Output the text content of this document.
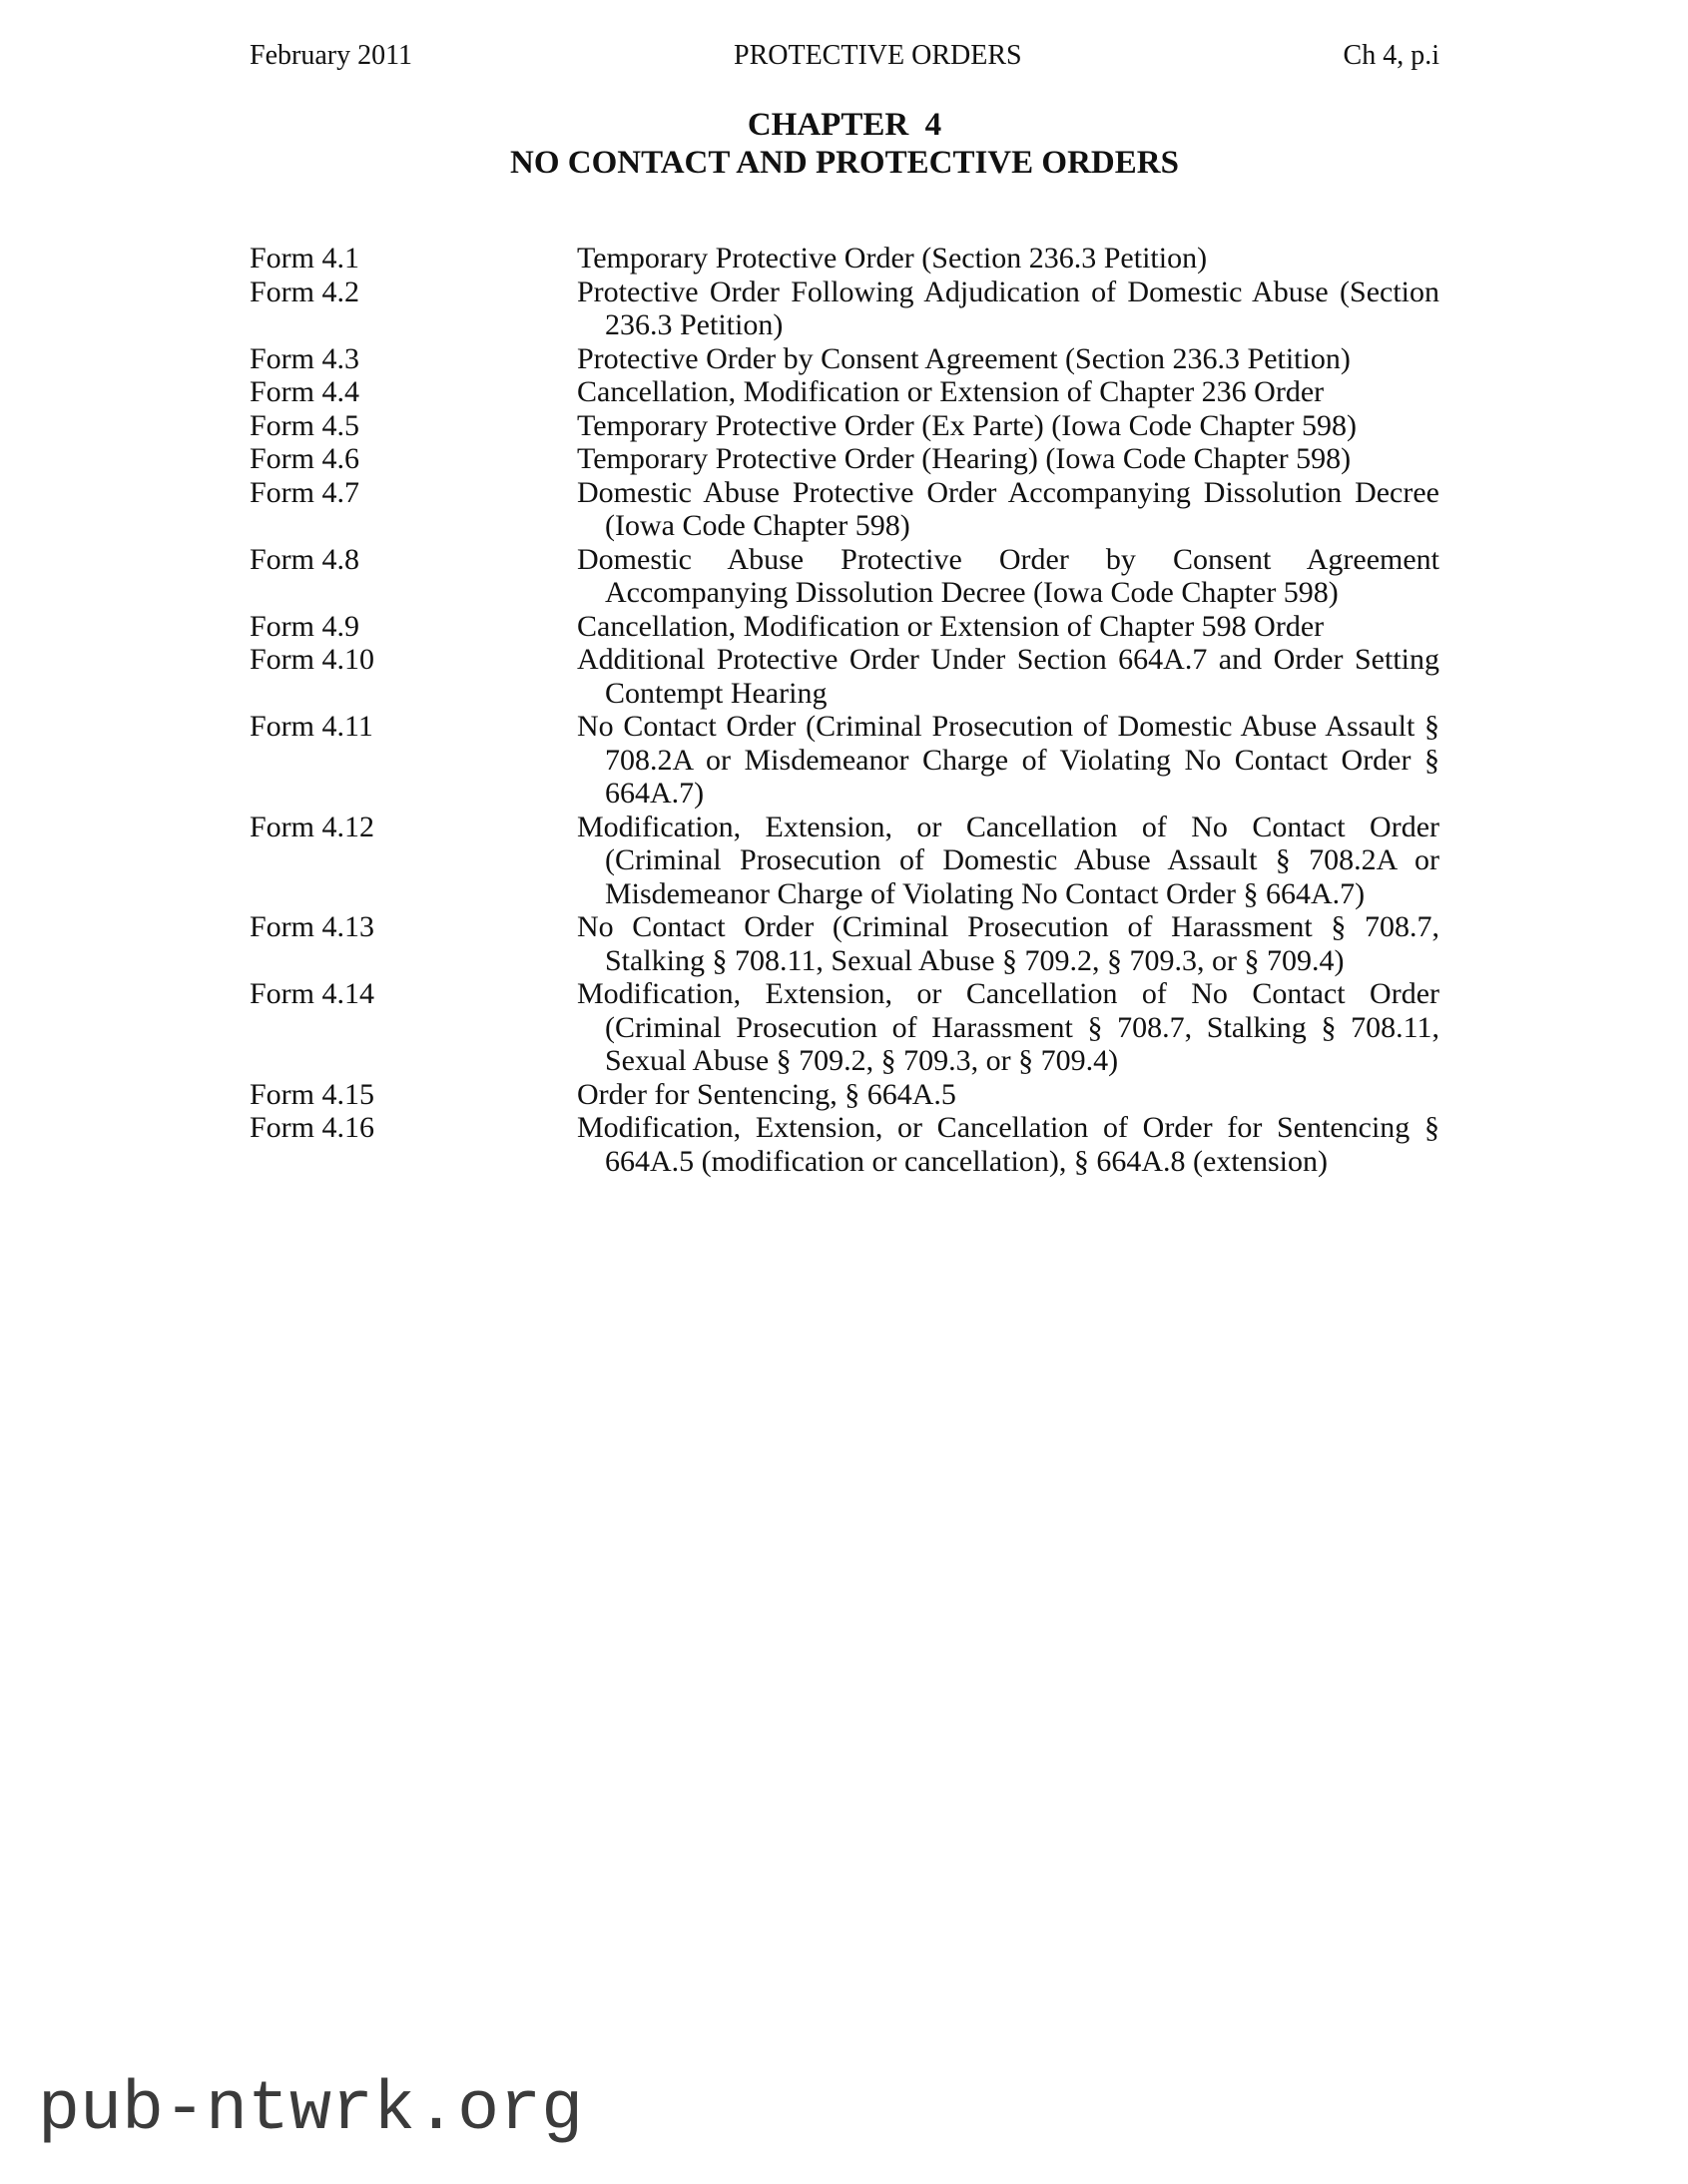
February 2011	PROTECTIVE ORDERS	Ch 4, p.i
CHAPTER  4
NO CONTACT AND PROTECTIVE ORDERS
Form 4.1	Temporary Protective Order (Section 236.3 Petition)
Form 4.2	Protective Order Following Adjudication of Domestic Abuse (Section 236.3 Petition)
Form 4.3	Protective Order by Consent Agreement (Section 236.3 Petition)
Form 4.4	Cancellation, Modification or Extension of Chapter 236 Order
Form 4.5	Temporary Protective Order (Ex Parte) (Iowa Code Chapter 598)
Form 4.6	Temporary Protective Order (Hearing) (Iowa Code Chapter 598)
Form 4.7	Domestic Abuse Protective Order Accompanying Dissolution Decree (Iowa Code Chapter 598)
Form 4.8	Domestic Abuse Protective Order by Consent Agreement Accompanying Dissolution Decree (Iowa Code Chapter 598)
Form 4.9	Cancellation, Modification or Extension of Chapter 598 Order
Form 4.10	Additional Protective Order Under Section 664A.7 and Order Setting Contempt Hearing
Form 4.11	No Contact Order (Criminal Prosecution of Domestic Abuse Assault § 708.2A or Misdemeanor Charge of Violating No Contact Order § 664A.7)
Form 4.12	Modification, Extension, or Cancellation of No Contact Order (Criminal Prosecution of Domestic Abuse Assault § 708.2A or Misdemeanor Charge of Violating No Contact Order § 664A.7)
Form 4.13	No Contact Order (Criminal Prosecution of Harassment § 708.7, Stalking § 708.11, Sexual Abuse § 709.2, § 709.3, or § 709.4)
Form 4.14	Modification, Extension, or Cancellation of No Contact Order (Criminal Prosecution of Harassment § 708.7, Stalking § 708.11, Sexual Abuse § 709.2, § 709.3, or § 709.4)
Form 4.15	Order for Sentencing, § 664A.5
Form 4.16	Modification, Extension, or Cancellation of Order for Sentencing § 664A.5 (modification or cancellation), § 664A.8 (extension)
pub-ntwrk.org
